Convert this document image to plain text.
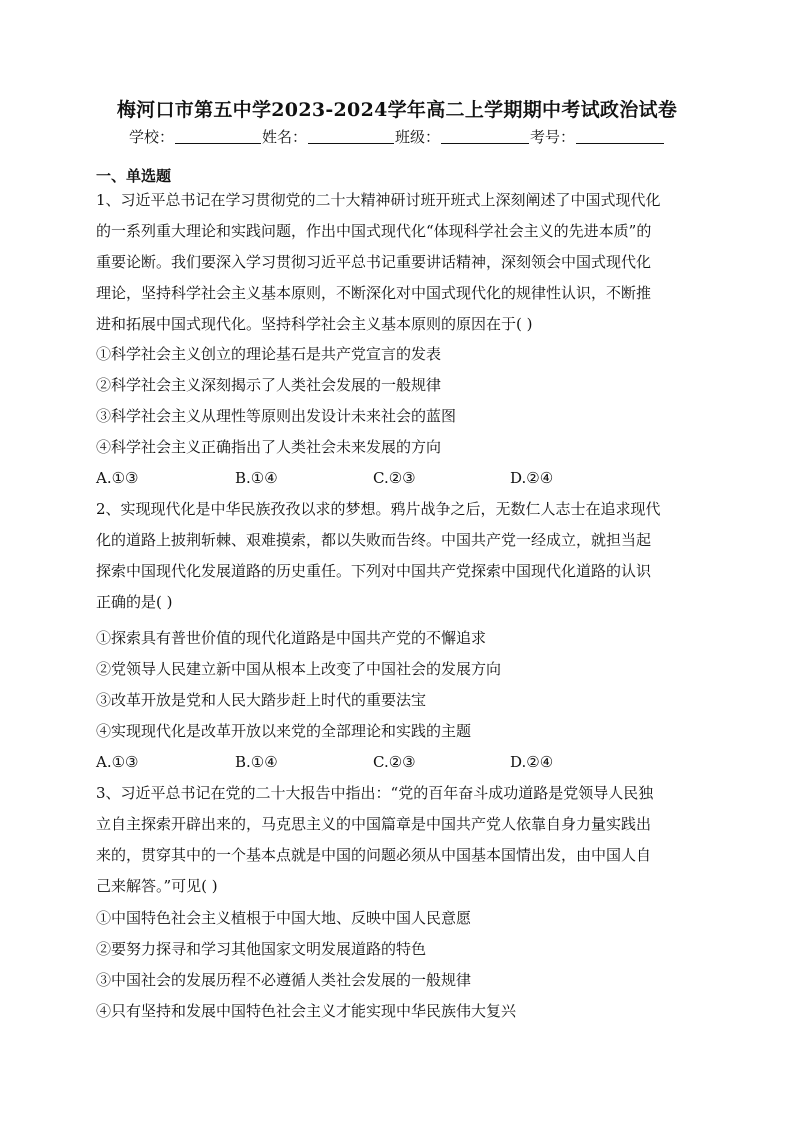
梅河口市第五中学2023-2024学年高二上学期期中考试政治试卷
学校：	姓名：	班级：	考号：
一、单选题
1、习近平总书记在学习贯彻党的二十大精神研讨班开班式上深刻阐述了中国式现代化
的一系列重大理论和实践问题，作出中国式现代化“体现科学社会主义的先进本质”的
重要论断。我们要深入学习贯彻习近平总书记重要讲话精神，深刻领会中国式现代化
理论，坚持科学社会主义基本原则，不断深化对中国式现代化的规律性认识，不断推
进和拓展中国式现代化。坚持科学社会主义基本原则的原因在于( )
①科学社会主义创立的理论基石是共产党宣言的发表
②科学社会主义深刻揭示了人类社会发展的一般规律
③科学社会主义从理性等原则出发设计未来社会的蓝图
④科学社会主义正确指出了人类社会未来发展的方向
A.①③	B.①④	C.②③	D.②④
2、实现现代化是中华民族孜孜以求的梦想。鸦片战争之后，无数仁人志士在追求现代
化的道路上披荆斩棘、艰难摸索，都以失败而告终。中国共产党一经成立，就担当起
探索中国现代化发展道路的历史重任。下列对中国共产党探索中国现代化道路的认识
正确的是( )
①探索具有普世价值的现代化道路是中国共产党的不懈追求
②党领导人民建立新中国从根本上改变了中国社会的发展方向
③改革开放是党和人民大踏步赶上时代的重要法宝
④实现现代化是改革开放以来党的全部理论和实践的主题
A.①③	B.①④	C.②③	D.②④
3、习近平总书记在党的二十大报告中指出：“党的百年奋斗成功道路是党领导人民独
立自主探索开辟出来的，马克思主义的中国篇章是中国共产党人依靠自身力量实践出
来的，贯穿其中的一个基本点就是中国的问题必须从中国基本国情出发，由中国人自
己来解答。”可见( )
①中国特色社会主义植根于中国大地、反映中国人民意愿
②要努力探寻和学习其他国家文明发展道路的特色
③中国社会的发展历程不必遵循人类社会发展的一般规律
④只有坚持和发展中国特色社会主义才能实现中华民族伟大复兴
